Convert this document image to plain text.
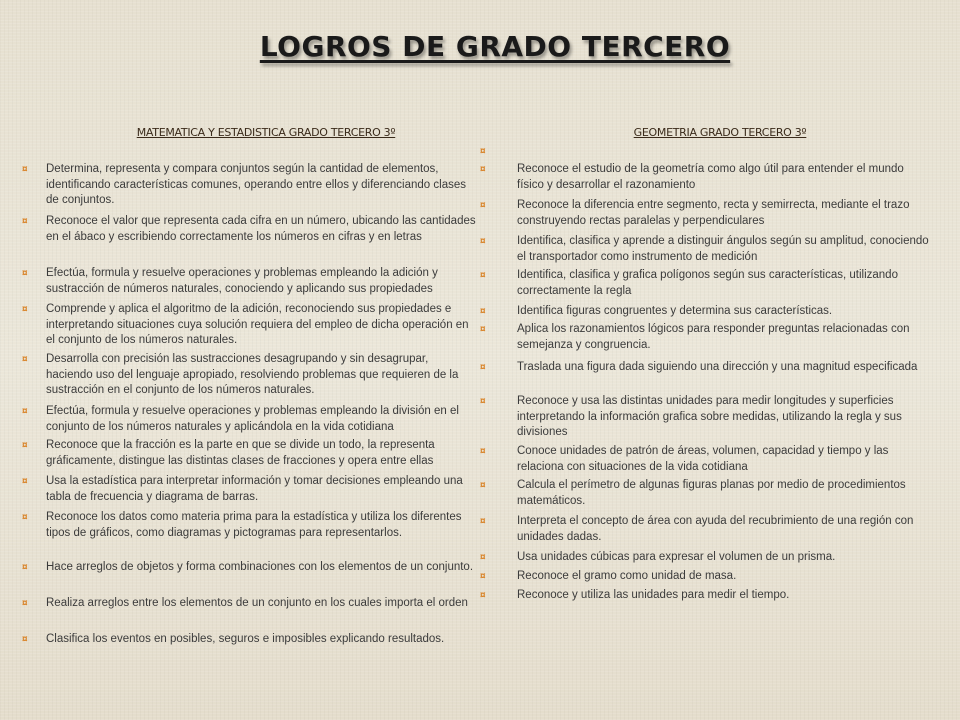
LOGROS DE GRADO TERCERO
MATEMATICA Y ESTADISTICA GRADO TERCERO 3º
¤	Determina, representa y compara conjuntos según la cantidad de elementos, identificando características comunes, operando entre ellos y diferenciando clases de conjuntos.
¤	Reconoce el valor que representa cada cifra en un número, ubicando las cantidades en el ábaco y escribiendo correctamente los números en cifras y en letras
¤	Efectúa, formula y resuelve operaciones y problemas empleando la adición y sustracción de números naturales, conociendo y aplicando sus propiedades
¤	Comprende y aplica el algoritmo de la adición, reconociendo sus propiedades e interpretando situaciones cuya solución requiera del empleo de dicha operación en el conjunto de los números naturales.
¤	Desarrolla con precisión las sustracciones desagrupando y sin desagrupar, haciendo uso del lenguaje apropiado, resolviendo problemas que requieren de la sustracción en el conjunto de los números naturales.
¤	Efectúa, formula y resuelve operaciones y problemas empleando la división en el conjunto de los números naturales y aplicándola en la vida cotidiana
¤	Reconoce que la fracción es la parte en que se divide un todo, la representa gráficamente, distingue las distintas clases de fracciones y opera entre ellas
¤	Usa la estadística para interpretar información y tomar decisiones empleando una tabla de frecuencia y diagrama de barras.
¤	Reconoce los datos como materia prima para la estadística y utiliza los diferentes tipos de gráficos, como diagramas y pictogramas para representarlos.
¤	Hace arreglos de objetos y forma combinaciones con los elementos de un conjunto.
¤	Realiza arreglos entre los elementos de un conjunto en los cuales importa el orden
¤	Clasifica los eventos en posibles, seguros e imposibles explicando resultados.
GEOMETRIA GRADO TERCERO 3º
¤
¤	Reconoce el estudio de la geometría como algo útil para entender el mundo físico y desarrollar el razonamiento
¤	Reconoce la diferencia entre segmento, recta y semirrecta, mediante el trazo construyendo rectas paralelas y perpendiculares
¤	Identifica, clasifica y aprende a distinguir ángulos según su amplitud, conociendo el transportador como instrumento de medición
¤	Identifica, clasifica y grafica polígonos según sus características, utilizando correctamente la regla
¤	Identifica figuras congruentes y determina sus características.
¤	Aplica los razonamientos lógicos para responder preguntas relacionadas con semejanza y congruencia.
¤	Traslada una figura dada siguiendo una dirección y una magnitud especificada
¤	Reconoce y usa las distintas unidades para medir longitudes y superficies interpretando la información grafica sobre medidas, utilizando la regla y sus divisiones
¤	Conoce unidades de patrón de áreas, volumen, capacidad y tiempo y las relaciona con situaciones de la vida cotidiana
¤	Calcula el perímetro de algunas figuras planas por medio de procedimientos matemáticos.
¤	Interpreta el concepto de área con ayuda del recubrimiento de una región con unidades dadas.
¤	Usa unidades cúbicas para expresar el volumen de un prisma.
¤	Reconoce el gramo como unidad de masa.
¤	Reconoce y utiliza las unidades para medir el tiempo.
